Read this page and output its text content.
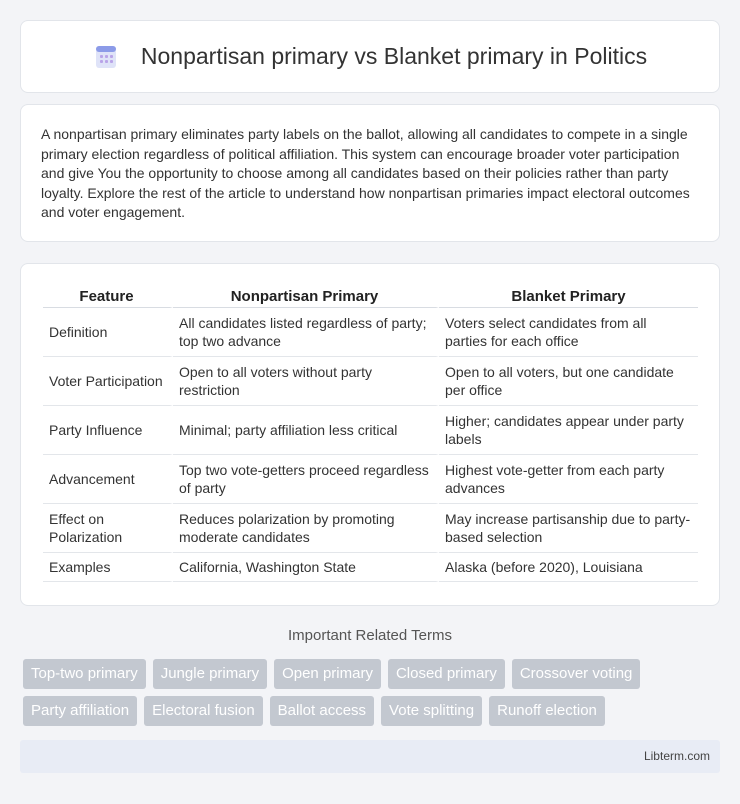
Nonpartisan primary vs Blanket primary in Politics

A nonpartisan primary eliminates party labels on the ballot, allowing all candidates to compete in a single primary election regardless of political affiliation. This system can encourage broader voter participation and give You the opportunity to choose among all candidates based on their policies rather than party loyalty. Explore the rest of the article to understand how nonpartisan primaries impact electoral outcomes and voter engagement.

Feature	Nonpartisan Primary	Blanket Primary
Definition	All candidates listed regardless of party; top two advance	Voters select candidates from all parties for each office
Voter Participation	Open to all voters without party restriction	Open to all voters, but one candidate per office
Party Influence	Minimal; party affiliation less critical	Higher; candidates appear under party labels
Advancement	Top two vote-getters proceed regardless of party	Highest vote-getter from each party advances
Effect on Polarization	Reduces polarization by promoting moderate candidates	May increase partisanship due to party-based selection
Examples	California, Washington State	Alaska (before 2020), Louisiana
Important Related Terms
Top-two primary	Jungle primary	Open primary	Closed primary	Crossover voting
Party affiliation	Electoral fusion	Ballot access	Vote splitting	Runoff election
Libterm.com
